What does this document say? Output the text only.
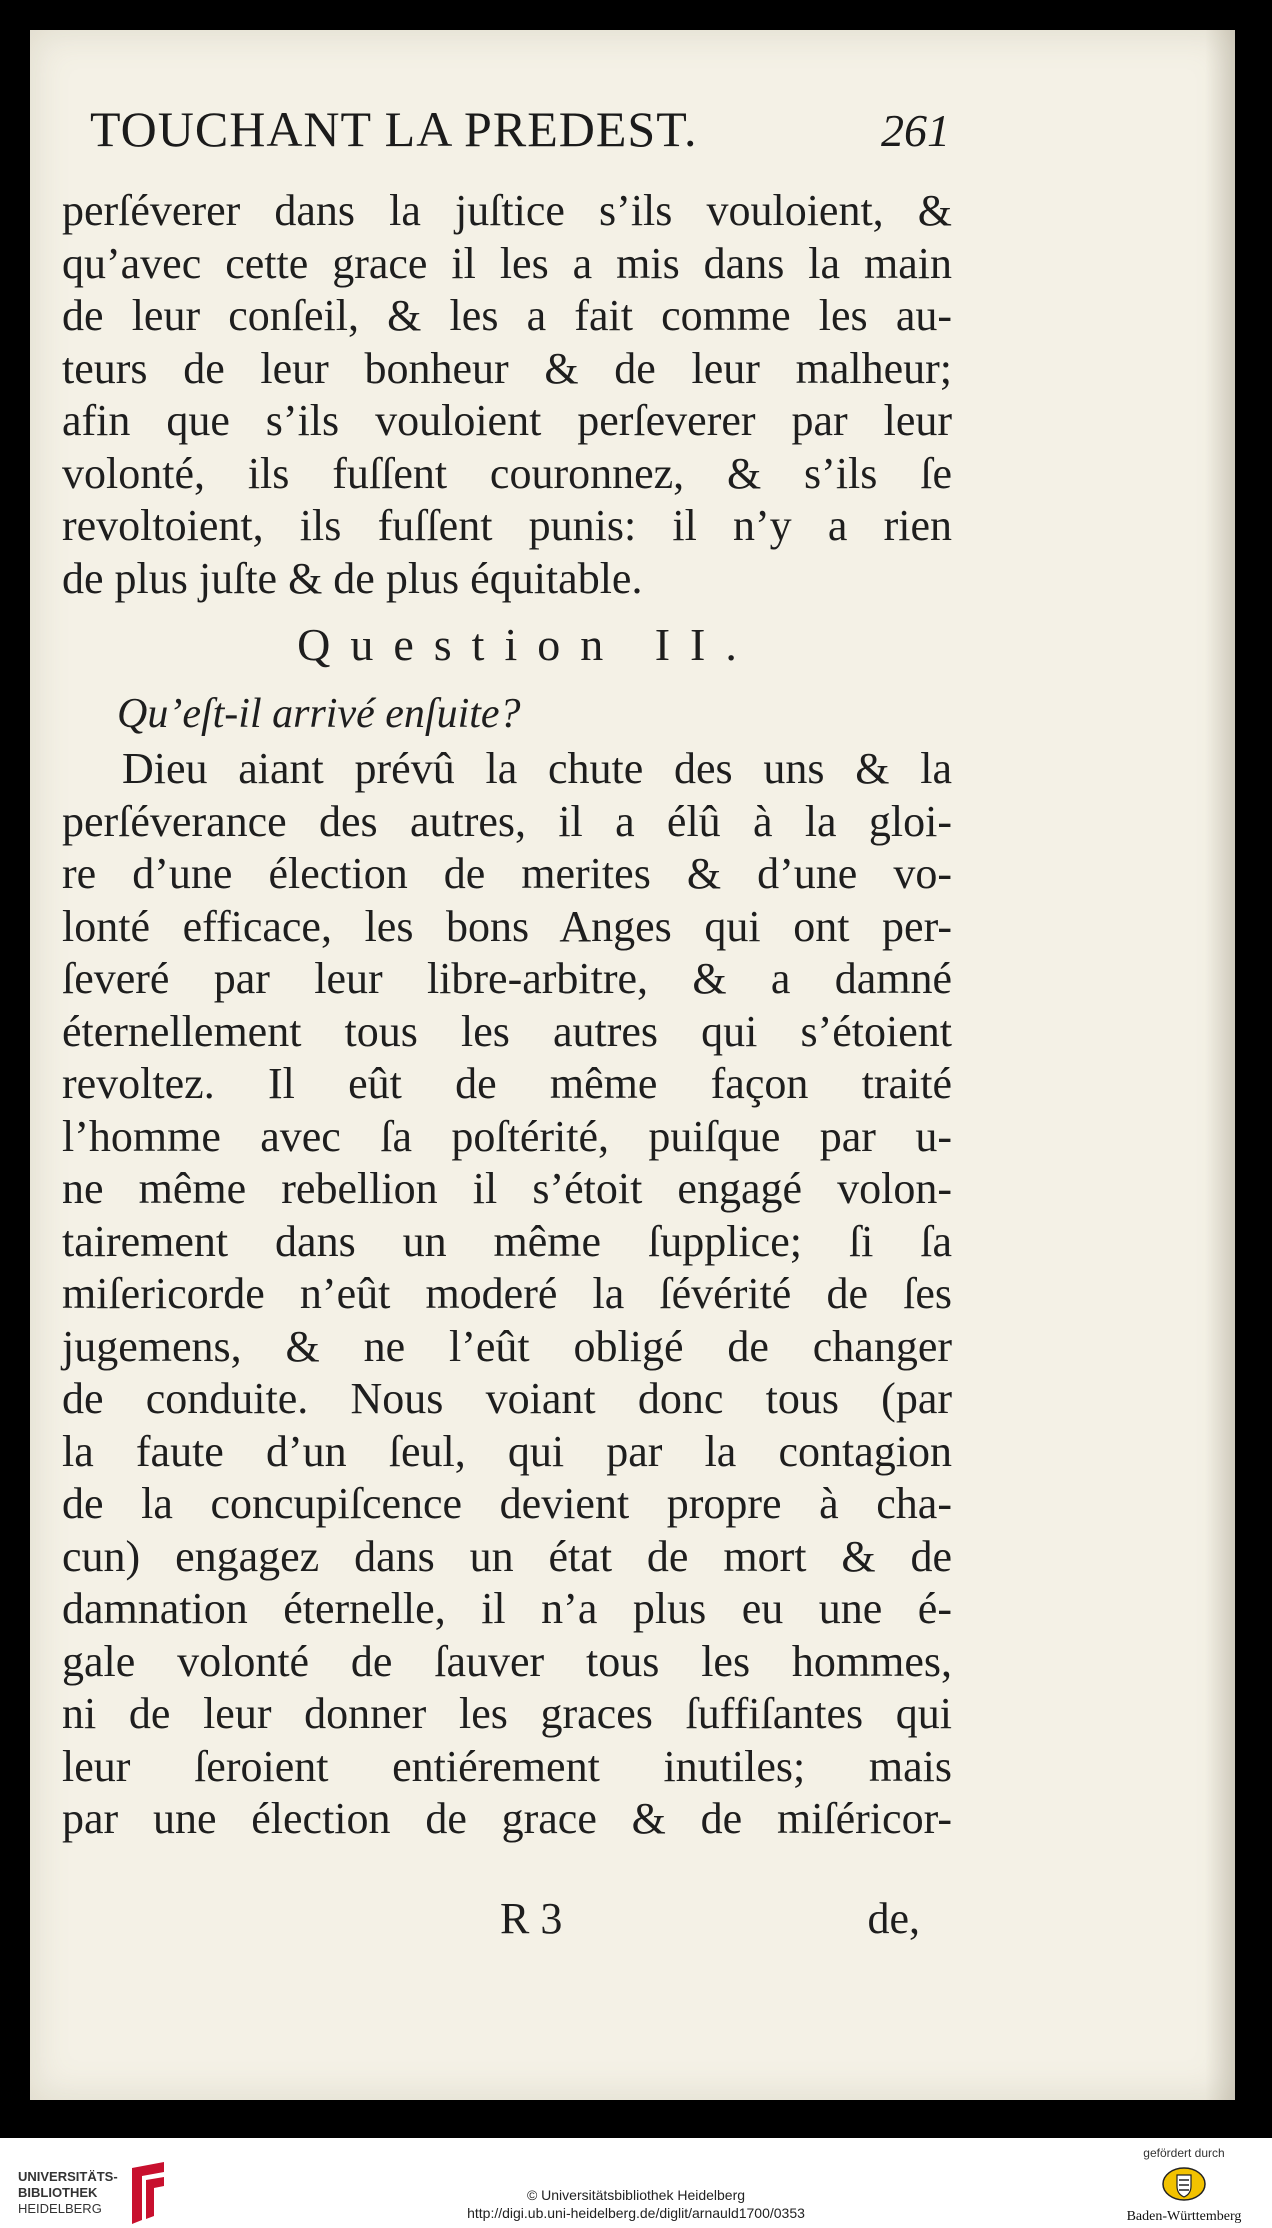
TOUCHANT LA PREDEST.	261
perſéverer dans la juſtice s’ils vouloient, &
qu’avec cette grace il les a mis dans la main
de leur conſeil, & les a fait comme les au-
teurs de leur bonheur & de leur malheur;
afin que s’ils vouloient perſeverer par leur
volonté, ils fuſſent couronnez, & s’ils ſe
revoltoient, ils fuſſent punis: il n’y a rien
de plus juſte & de plus équitable.
Question II.
Qu’eſt-il arrivé enſuite?
Dieu aiant prévû la chute des uns & la
perſéverance des autres, il a élû à la gloi-
re d’une élection de merites & d’une vo-
lonté efficace, les bons Anges qui ont per-
ſeveré par leur libre-arbitre, & a damné
éternellement tous les autres qui s’étoient
revoltez. Il eût de même façon traité
l’homme avec ſa poſtérité, puiſque par u-
ne même rebellion il s’étoit engagé volon-
tairement dans un même ſupplice; ſi ſa
miſericorde n’eût moderé la ſévérité de ſes
jugemens, & ne l’eût obligé de changer
de conduite. Nous voiant donc tous (par
la faute d’un ſeul, qui par la contagion
de la concupiſcence devient propre à cha-
cun) engagez dans un état de mort & de
damnation éternelle, il n’a plus eu une é-
gale volonté de ſauver tous les hommes,
ni de leur donner les graces ſuffiſantes qui
leur ſeroient entiérement inutiles; mais
par une élection de grace & de miſéricor-
R 3	de,
UNIVERSITÄTS-
BIBLIOTHEK
HEIDELBERG
© Universitätsbibliothek Heidelberg
http://digi.ub.uni-heidelberg.de/diglit/arnauld1700/0353
gefördert durch
Baden-Württemberg
